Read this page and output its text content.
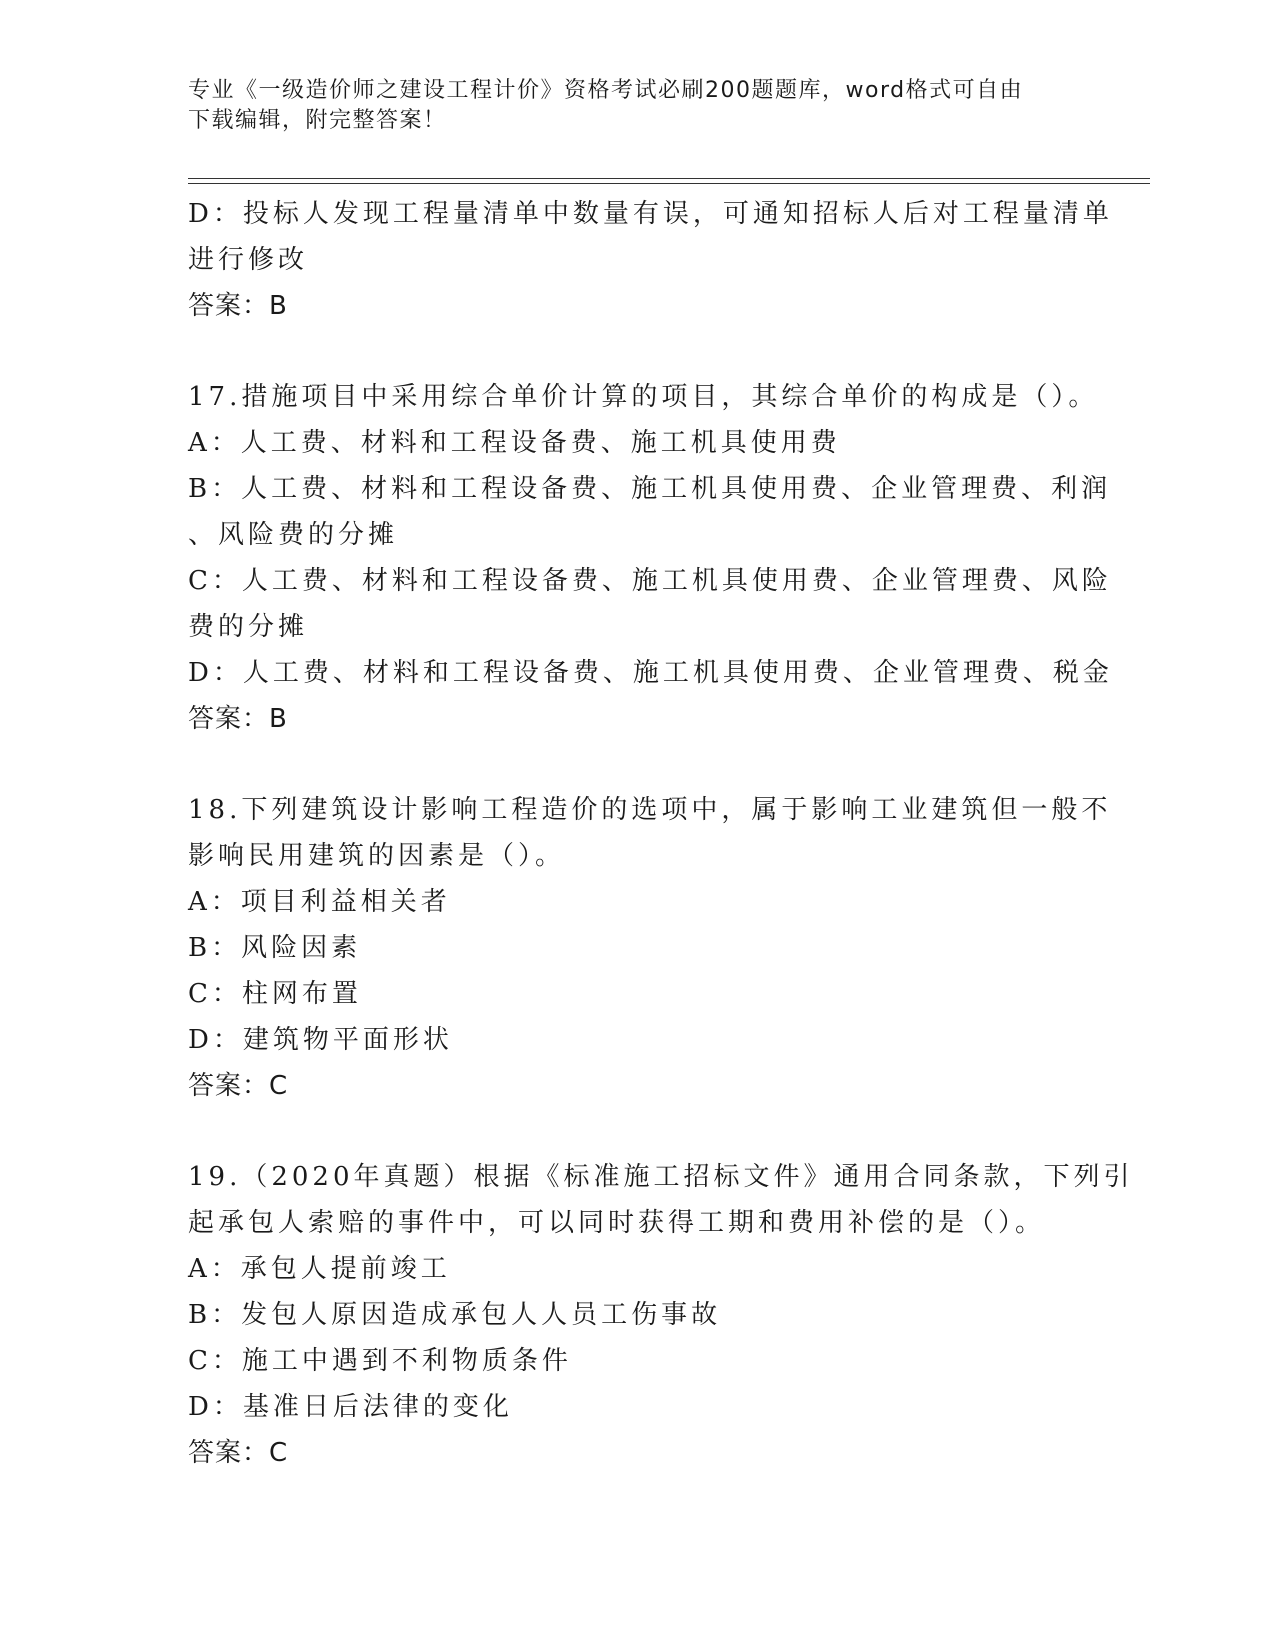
专业《一级造价师之建设工程计价》资格考试必刷200题题库，word格式可自由
下载编辑，附完整答案！
D：投标人发现工程量清单中数量有误，可通知招标人后对工程量清单
进行修改
答案：B
17.措施项目中采用综合单价计算的项目，其综合单价的构成是（）。
A：人工费、材料和工程设备费、施工机具使用费
B：人工费、材料和工程设备费、施工机具使用费、企业管理费、利润
、风险费的分摊
C：人工费、材料和工程设备费、施工机具使用费、企业管理费、风险
费的分摊
D：人工费、材料和工程设备费、施工机具使用费、企业管理费、税金
答案：B
18.下列建筑设计影响工程造价的选项中，属于影响工业建筑但一般不
影响民用建筑的因素是（）。
A：项目利益相关者
B：风险因素
C：柱网布置
D：建筑物平面形状
答案：C
19.（2020年真题）根据《标准施工招标文件》通用合同条款，下列引
起承包人索赔的事件中，可以同时获得工期和费用补偿的是（）。
A：承包人提前竣工
B：发包人原因造成承包人人员工伤事故
C：施工中遇到不利物质条件
D：基准日后法律的变化
答案：C
